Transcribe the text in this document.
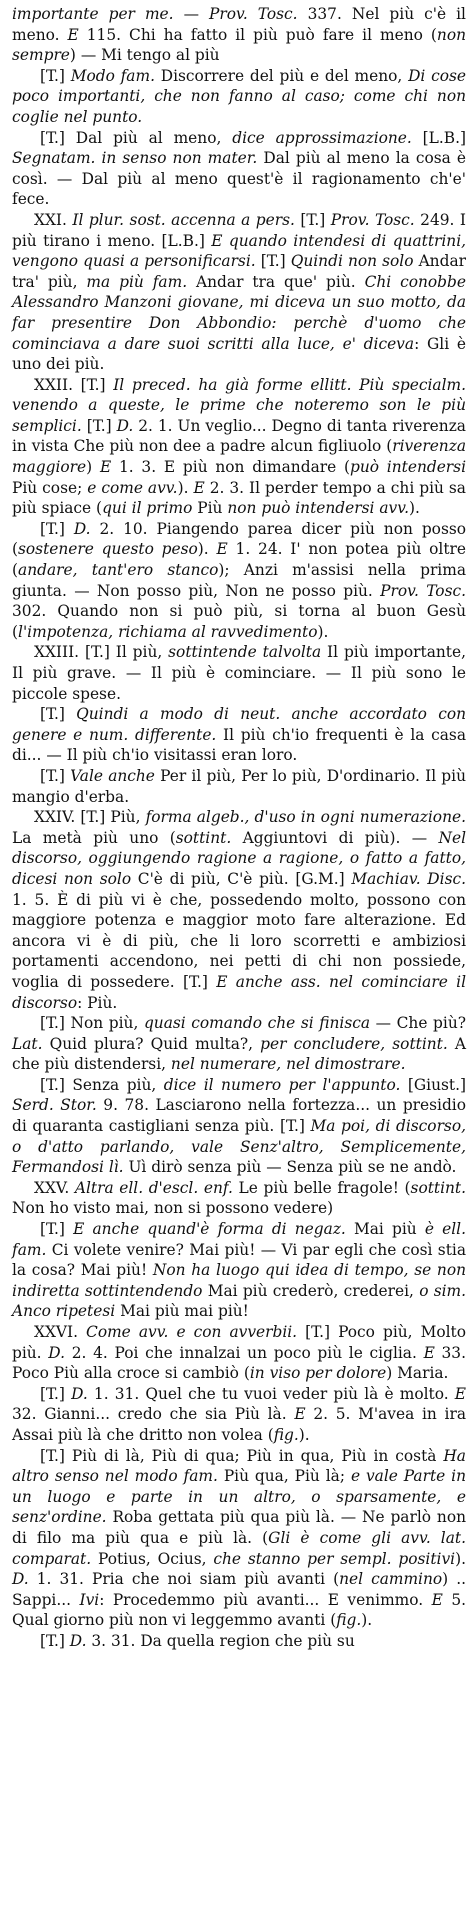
importante per me. — Prov. Tosc. 337. Nel più c'è il meno. E 115. Chi ha fatto il più può fare il meno (non sempre) — Mi tengo al più

[T.] Modo fam. Discorrere del più e del meno, Di cose poco importanti, che non fanno al caso; come chi non coglie nel punto.

[T.] Dal più al meno, dice approssimazione. [L.B.] Segnatam. in senso non mater. Dal più al meno la cosa è così. — Dal più al meno quest'è il ragionamento ch'e' fece.

XXI. Il plur. sost. accenna a pers. [T.] Prov. Tosc. 249. I più tirano i meno. [L.B.] E quando intendesi di quattrini, vengono quasi a personificarsi. [T.] Quindi non solo Andar tra' più, ma più fam. Andar tra que' più. Chi conobbe Alessandro Manzoni giovane, mi diceva un suo motto, da far presentire Don Abbondio: perchè d'uomo che cominciava a dare suoi scritti alla luce, e' diceva: Gli è uno dei più.

XXII. [T.] Il preced. ha già forme ellitt. Più specialm. venendo a queste, le prime che noteremo son le più semplici. [T.] D. 2. 1. Un veglio... Degno di tanta riverenza in vista Che più non dee a padre alcun figliuolo (riverenza maggiore) E 1. 3. E più non dimandare (può intendersi Più cose; e come avv.). E 2. 3. Il perder tempo a chi più sa più spiace (qui il primo Più non può intendersi avv.).

[T.] D. 2. 10. Piangendo parea dicer più non posso (sostenere questo peso). E 1. 24. I' non potea più oltre (andare, tant'ero stanco); Anzi m'assisi nella prima giunta. — Non posso più, Non ne posso più. Prov. Tosc. 302. Quando non si può più, si torna al buon Gesù (l'impotenza, richiama al ravvedimento).

XXIII. [T.] Il più, sottintende talvolta Il più importante, Il più grave. — Il più è cominciare. — Il più sono le piccole spese.

[T.] Quindi a modo di neut. anche accordato con genere e num. differente. Il più ch'io frequenti è la casa di... — Il più ch'io visitassi eran loro.

[T.] Vale anche Per il più, Per lo più, D'ordinario. Il più mangio d'erba.

XXIV. [T.] Più, forma algeb., d'uso in ogni numerazione. La metà più uno (sottint. Aggiuntovi di più). — Nel discorso, oggiungendo ragione a ragione, o fatto a fatto, dicesi non solo C'è di più, C'è più. [G.M.] Machiav. Disc. 1. 5. È di più vi è che, possedendo molto, possono con maggiore potenza e maggior moto fare alterazione. Ed ancora vi è di più, che li loro scorretti e ambiziosi portamenti accendono, nei petti di chi non possiede, voglia di possedere. [T.] E anche ass. nel cominciare il discorso: Più.

[T.] Non più, quasi comando che si finisca — Che più? Lat. Quid plura? Quid multa?, per concludere, sottint. A che più distendersi, nel numerare, nel dimostrare.

[T.] Senza più, dice il numero per l'appunto. [Giust.] Serd. Stor. 9. 78. Lasciarono nella fortezza... un presidio di quaranta castigliani senza più. [T.] Ma poi, di discorso, o d'atto parlando, vale Senz'altro, Semplicemente, Fermandosi lì. Uì dirò senza più — Senza più se ne andò.

XXV. Altra ell. d'escl. enf. Le più belle fragole! (sottint. Non ho visto mai, non si possono vedere)

[T.] E anche quand'è forma di negaz. Mai più è ell. fam. Ci volete venire? Mai più! — Vi par egli che così stia la cosa? Mai più! Non ha luogo qui idea di tempo, se non indiretta sottintendendo Mai più crederò, crederei, o sim. Anco ripetesi Mai più mai più!

XXVI. Come avv. e con avverbii. [T.] Poco più, Molto più. D. 2. 4. Poi che innalzai un poco più le ciglia. E 33. Poco Più alla croce si cambiò (in viso per dolore) Maria.

[T.] D. 1. 31. Quel che tu vuoi veder più là è molto. E 32. Gianni... credo che sia Più là. E 2. 5. M'avea in ira Assai più là che dritto non volea (fig.).

[T.] Più di là, Più di qua; Più in qua, Più in costà Ha altro senso nel modo fam. Più qua, Più là; e vale Parte in un luogo e parte in un altro, o sparsamente, e senz'ordine. Roba gettata più qua più là. — Ne parlò non di filo ma più qua e più là. (Gli è come gli avv. lat. comparat. Potius, Ocius, che stanno per sempl. positivi). D. 1. 31. Pria che noi siam più avanti (nel cammino) .. Sappi... Ivi: Procedemmo più avanti... E venimmo. E 5. Qual giorno più non vi leggemmo avanti (fig.).

[T.] D. 3. 31. Da quella region che più su
